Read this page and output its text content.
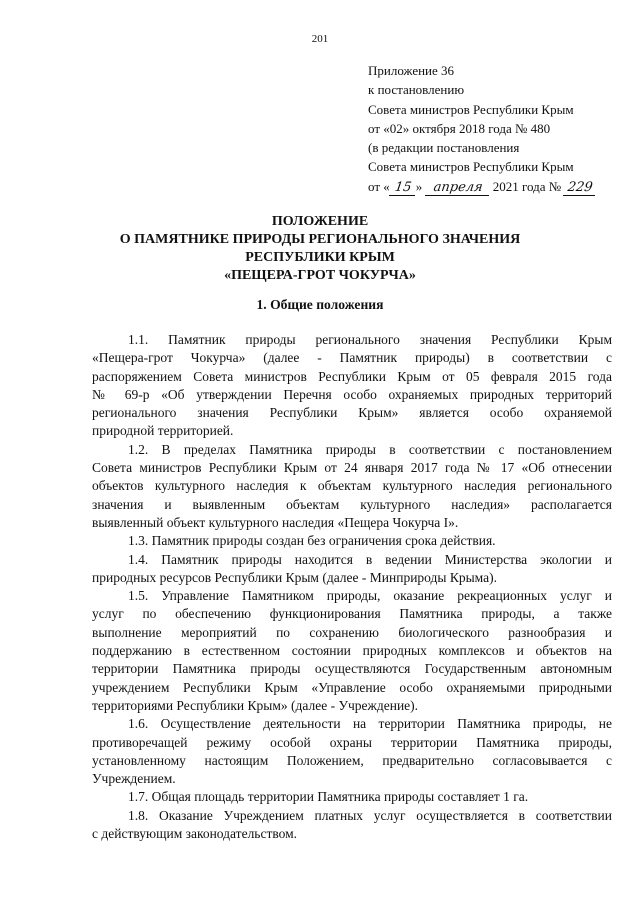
201
Приложение 36
к постановлению
Совета министров Республики Крым
от «02» октября 2018 года № 480
(в редакции постановления
Совета министров Республики Крым
от « 15 » апреля 2021 года № 229
ПОЛОЖЕНИЕ
О ПАМЯТНИКЕ ПРИРОДЫ РЕГИОНАЛЬНОГО ЗНАЧЕНИЯ
РЕСПУБЛИКИ КРЫМ
«ПЕЩЕРА-ГРОТ ЧОКУРЧА»
1. Общие положения
1.1. Памятник природы регионального значения Республики Крым
«Пещера-грот Чокурча» (далее - Памятник природы) в соответствии с
распоряжением Совета министров Республики Крым от 05 февраля 2015 года
№ 69-р «Об утверждении Перечня особо охраняемых природных территорий
регионального значения Республики Крым» является особо охраняемой
природной территорией.
1.2. В пределах Памятника природы в соответствии с постановлением
Совета министров Республики Крым от 24 января 2017 года № 17 «Об отнесении
объектов культурного наследия к объектам культурного наследия регионального
значения и выявленным объектам культурного наследия» располагается
выявленный объект культурного наследия «Пещера Чокурча I».
1.3. Памятник природы создан без ограничения срока действия.
1.4. Памятник природы находится в ведении Министерства экологии и
природных ресурсов Республики Крым (далее - Минприроды Крыма).
1.5. Управление Памятником природы, оказание рекреационных услуг и
услуг по обеспечению функционирования Памятника природы, а также
выполнение мероприятий по сохранению биологического разнообразия и
поддержанию в естественном состоянии природных комплексов и объектов на
территории Памятника природы осуществляются Государственным автономным
учреждением Республики Крым «Управление особо охраняемыми природными
территориями Республики Крым» (далее - Учреждение).
1.6. Осуществление деятельности на территории Памятника природы, не
противоречащей режиму особой охраны территории Памятника природы,
установленному настоящим Положением, предварительно согласовывается с
Учреждением.
1.7. Общая площадь территории Памятника природы составляет 1 га.
1.8. Оказание Учреждением платных услуг осуществляется в соответствии
с действующим законодательством.
